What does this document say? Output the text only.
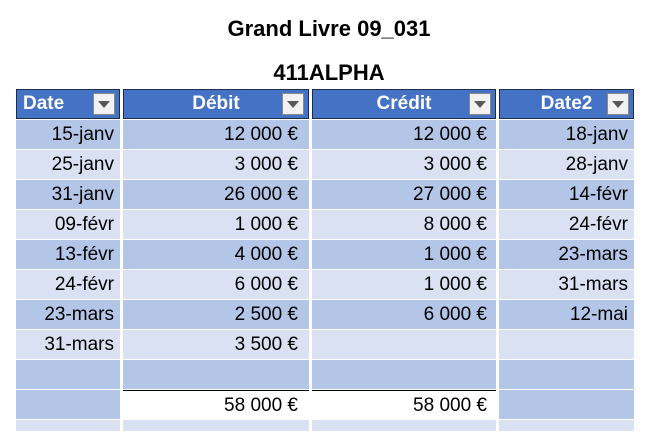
Grand Livre 09_031
411ALPHA
Date
15-janv
25-janv
31-janv
09-févr
13-févr
24-févr
23-mars
31-mars
Débit
12 000 €
3 000 €
26 000 €
1 000 €
4 000 €
6 000 €
2 500 €
3 500 €
58 000 €
Crédit
12 000 €
3 000 €
27 000 €
8 000 €
1 000 €
1 000 €
6 000 €
58 000 €
Date2
18-janv
28-janv
14-févr
24-févr
23-mars
31-mars
12-mai
